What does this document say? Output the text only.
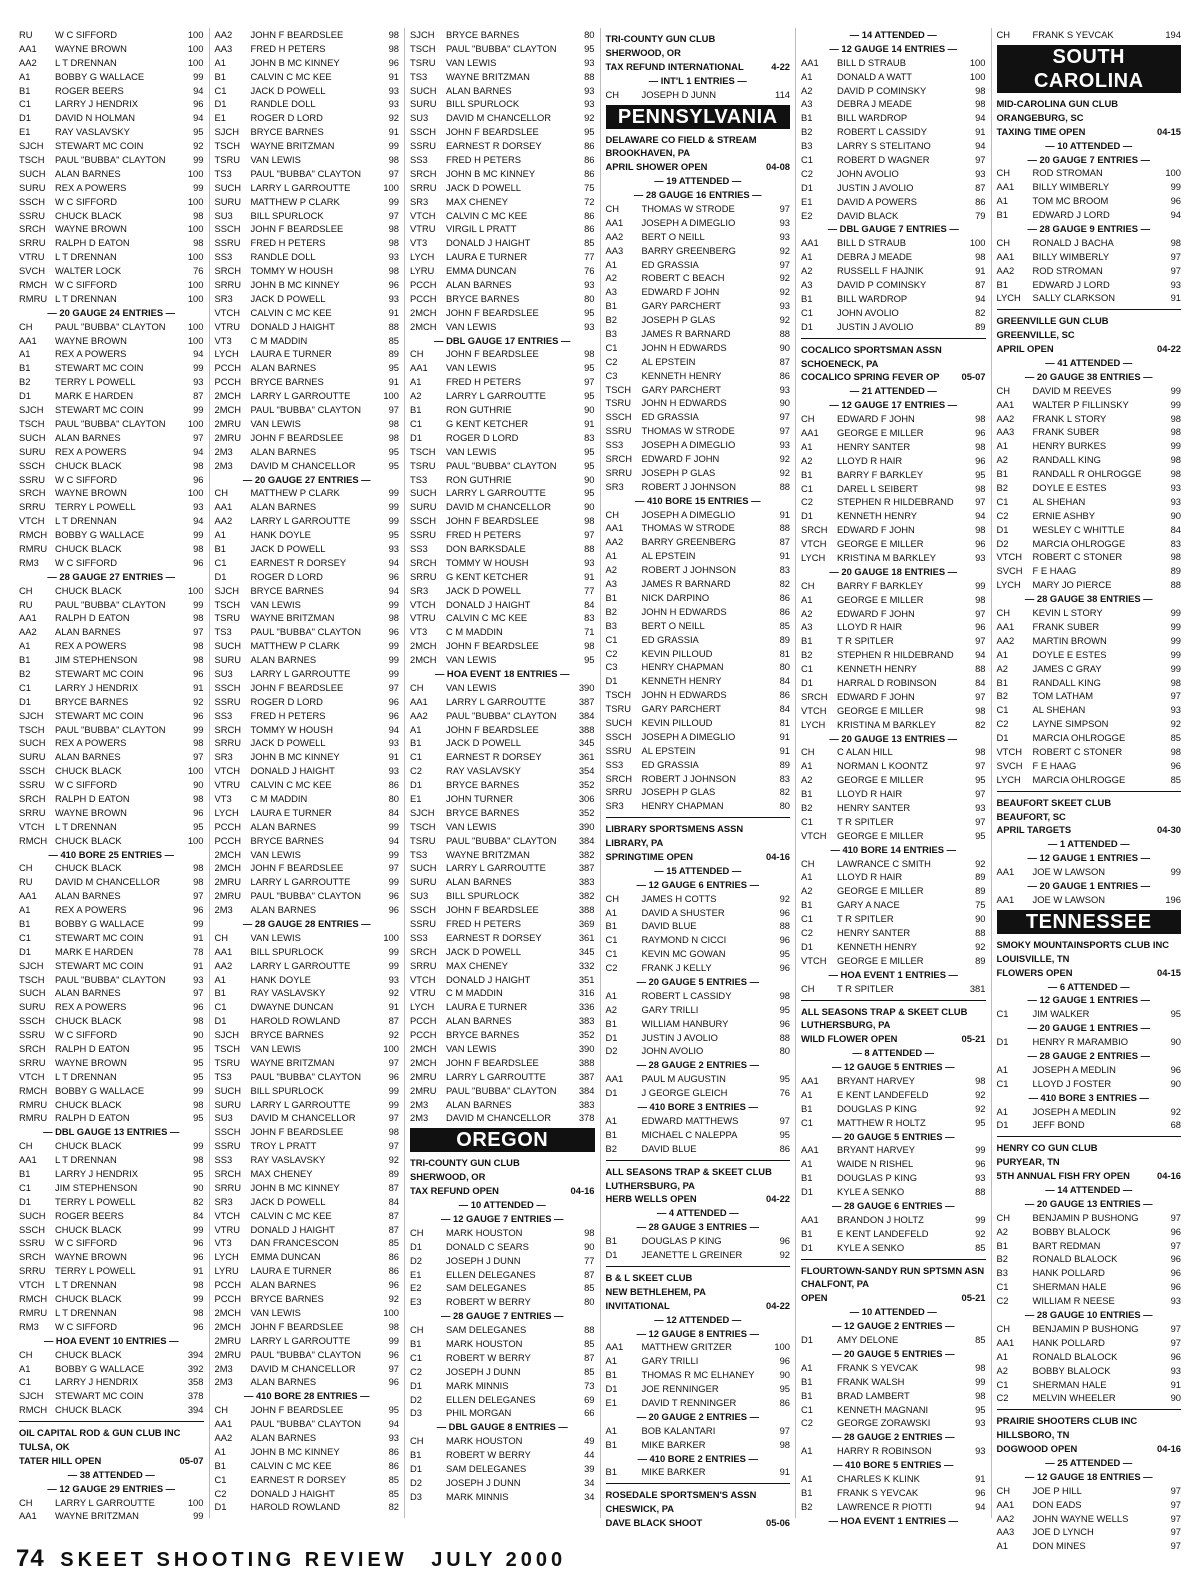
RU	W C SIFFORD	100
AA1	WAYNE BROWN	100
AA2	L T DRENNAN	100
A1	BOBBY G WALLACE	99
B1	ROGER BEERS	94
C1	LARRY J HENDRIX	96
D1	DAVID N HOLMAN	94
E1	RAY VASLAVSKY	95
SJCH	STEWART MC COIN	92
TSCH	PAUL "BUBBA" CLAYTON	99
SUCH	ALAN BARNES	100
SURU	REX A POWERS	99
SSCH	W C SIFFORD	100
SSRU	CHUCK BLACK	98
SRCH	WAYNE BROWN	100
SRRU	RALPH D EATON	98
VTRU	L T DRENNAN	100
SVCH	WALTER LOCK	76
RMCH W C SIFFORD	100
RMRU L T DRENNAN	100
— 20 GAUGE 24 ENTRIES —
CH	PAUL "BUBBA" CLAYTON	100
AA1	WAYNE BROWN	100
A1	REX A POWERS	94
B1	STEWART MC COIN	99
B2	TERRY L POWELL	93
D1	MARK E HARDEN	87
SJCH	STEWART MC COIN	99
TSCH	PAUL "BUBBA" CLAYTON	100
SUCH	ALAN BARNES	97
SURU	REX A POWERS	94
SSCH	CHUCK BLACK	98
SSRU	W C SIFFORD	96
SRCH	WAYNE BROWN	100
SRRU	TERRY L POWELL	93
VTCH	L T DRENNAN	94
RMCH BOBBY G WALLACE	99
RMRU CHUCK BLACK	98
RM3	W C SIFFORD	96
— 28 GAUGE 27 ENTRIES —
CH	CHUCK BLACK	100
RU	PAUL "BUBBA" CLAYTON	99
AA1	RALPH D EATON	98
AA2	ALAN BARNES	97
A1	REX A POWERS	98
B1	JIM STEPHENSON	98
B2	STEWART MC COIN	96
C1	LARRY J HENDRIX	91
D1	BRYCE BARNES	92
SJCH	STEWART MC COIN	96
TSCH	PAUL "BUBBA" CLAYTON	99
SUCH	REX A POWERS	98
SURU	ALAN BARNES	97
SSCH	CHUCK BLACK	100
SSRU	W C SIFFORD	90
SRCH	RALPH D EATON	98
SRRU	WAYNE BROWN	96
VTCH	L T DRENNAN	95
RMCH CHUCK BLACK	100
— 410 BORE 25 ENTRIES —
CH	CHUCK BLACK	98
RU	DAVID M CHANCELLOR	98
AA1	ALAN BARNES	97
A1	REX A POWERS	96
B1	BOBBY G WALLACE	99
C1	STEWART MC COIN	91
D1	MARK E HARDEN	78
SJCH	STEWART MC COIN	91
TSCH	PAUL "BUBBA" CLAYTON	93
SUCH	ALAN BARNES	97
SURU	REX A POWERS	96
SSCH	CHUCK BLACK	98
SSRU	W C SIFFORD	90
SRCH	RALPH D EATON	95
SRRU	WAYNE BROWN	95
VTCH	L T DRENNAN	95
RMCH BOBBY G WALLACE	99
RMRU CHUCK BLACK	98
RMRU RALPH D EATON	95
— DBL GAUGE 13 ENTRIES —
CH	CHUCK BLACK	99
AA1	L T DRENNAN	98
B1	LARRY J HENDRIX	95
C1	JIM STEPHENSON	90
D1	TERRY L POWELL	82
SUCH	ROGER BEERS	84
SSCH	CHUCK BLACK	99
SSRU	W C SIFFORD	96
SRCH	WAYNE BROWN	96
SRRU	TERRY L POWELL	91
VTCH	L T DRENNAN	98
RMCH CHUCK BLACK	99
RMRU L T DRENNAN	98
RM3	W C SIFFORD	96
— HOA EVENT 10 ENTRIES —
CH	CHUCK BLACK	394
A1	BOBBY G WALLACE	392
C1	LARRY J HENDRIX	358
SJCH	STEWART MC COIN	378
RMCH CHUCK BLACK	394
OIL CAPITAL ROD & GUN CLUB INC
TULSA, OK
TATER HILL OPEN	05-07
— 38 ATTENDED —
— 12 GAUGE 29 ENTRIES —
CH	LARRY L GARROUTTE	100
AA1	WAYNE BRITZMAN	99
AA2	JOHN F BEARDSLEE	98
AA3	FRED H PETERS	98
A1	JOHN B MC KINNEY	96
B1	CALVIN C MC KEE	91
C1	JACK D POWELL	93
D1	RANDLE DOLL	93
E1	ROGER D LORD	92
SJCH	BRYCE BARNES	91
TSCH	WAYNE BRITZMAN	99
TSRU	VAN LEWIS	98
TS3	PAUL "BUBBA" CLAYTON	97
SUCH	LARRY L GARROUTTE	100
SURU	MATTHEW P CLARK	99
SU3	BILL SPURLOCK	97
SSCH	JOHN F BEARDSLEE	98
SSRU	FRED H PETERS	98
SS3	RANDLE DOLL	93
SRCH	TOMMY W HOUSH	98
SRRU	JOHN B MC KINNEY	96
SR3	JACK D POWELL	93
VTCH	CALVIN C MC KEE	91
VTRU	DONALD J HAIGHT	88
VT3	C M MADDIN	85
LYCH	LAURA E TURNER	89
PCCH	ALAN BARNES	95
PCCH	BRYCE BARNES	91
2MCH	LARRY L GARROUTTE	100
2MCH	PAUL "BUBBA" CLAYTON	97
2MRU	VAN LEWIS	98
2MRU	JOHN F BEARDSLEE	98
2M3	ALAN BARNES	95
2M3	DAVID M CHANCELLOR	95
— 20 GAUGE 27 ENTRIES —
CH	MATTHEW P CLARK	99
AA1	ALAN BARNES	99
AA2	LARRY L GARROUTTE	99
A1	HANK DOYLE	95
B1	JACK D POWELL	93
C1	EARNEST R DORSEY	94
D1	ROGER D LORD	96
SJCH	BRYCE BARNES	94
TSCH	VAN LEWIS	99
TSRU	WAYNE BRITZMAN	98
TS3	PAUL "BUBBA" CLAYTON	96
SUCH	MATTHEW P CLARK	99
SURU	ALAN BARNES	99
SU3	LARRY L GARROUTTE	99
SSCH	JOHN F BEARDSLEE	97
SSRU	ROGER D LORD	96
SS3	FRED H PETERS	96
SRCH	TOMMY W HOUSH	94
SRRU	JACK D POWELL	93
SR3	JOHN B MC KINNEY	91
VTCH	DONALD J HAIGHT	93
VTRU	CALVIN C MC KEE	86
VT3	C M MADDIN	80
LYCH	LAURA E TURNER	84
PCCH	ALAN BARNES	99
PCCH	BRYCE BARNES	94
2MCH	VAN LEWIS	99
2MCH	JOHN F BEARDSLEE	97
2MRU	LARRY L GARROUTTE	99
2MRU	PAUL "BUBBA" CLAYTON	96
2M3	ALAN BARNES	96
— 28 GAUGE 28 ENTRIES —
CH	VAN LEWIS	100
AA1	BILL SPURLOCK	99
AA2	LARRY L GARROUTTE	99
A1	HANK DOYLE	93
B1	RAY VASLAVSKY	92
C1	DWAYNE DUNCAN	91
D1	HAROLD ROWLAND	87
SJCH	BRYCE BARNES	92
TSCH	VAN LEWIS	100
TSRU	WAYNE BRITZMAN	97
TS3	PAUL "BUBBA" CLAYTON	96
SUCH	BILL SPURLOCK	99
SURU	LARRY L GARROUTTE	99
SU3	DAVID M CHANCELLOR	97
SSCH	JOHN F BEARDSLEE	98
SSRU	TROY L PRATT	97
SS3	RAY VASLAVSKY	92
SRCH	MAX CHENEY	89
SRRU	JOHN B MC KINNEY	87
SR3	JACK D POWELL	84
VTCH	CALVIN C MC KEE	87
VTRU	DONALD J HAIGHT	87
VT3	DAN FRANCESCON	85
LYCH	EMMA DUNCAN	86
LYRU	LAURA E TURNER	86
PCCH	ALAN BARNES	96
PCCH	BRYCE BARNES	92
2MCH	VAN LEWIS	100
2MCH	JOHN F BEARDSLEE	98
2MRU	LARRY L GARROUTTE	99
2MRU	PAUL "BUBBA" CLAYTON	96
2M3	DAVID M CHANCELLOR	97
2M3	ALAN BARNES	96
— 410 BORE 28 ENTRIES —
CH	JOHN F BEARDSLEE	95
AA1	PAUL "BUBBA" CLAYTON	94
AA2	ALAN BARNES	93
A1	JOHN B MC KINNEY	86
B1	CALVIN C MC KEE	86
C1	EARNEST R DORSEY	85
C2	DONALD J HAIGHT	85
D1	HAROLD ROWLAND	82
SJCH	BRYCE BARNES	80
TSCH	PAUL "BUBBA" CLAYTON	95
TSRU	VAN LEWIS	93
TS3	WAYNE BRITZMAN	88
SUCH	ALAN BARNES	93
SURU	BILL SPURLOCK	93
SU3	DAVID M CHANCELLOR	92
SSCH	JOHN F BEARDSLEE	95
SSRU	EARNEST R DORSEY	86
SS3	FRED H PETERS	86
SRCH	JOHN B MC KINNEY	86
SRRU	JACK D POWELL	75
SR3	MAX CHENEY	72
VTCH	CALVIN C MC KEE	86
VTRU	VIRGIL L PRATT	86
VT3	DONALD J HAIGHT	85
LYCH	LAURA E TURNER	77
LYRU	EMMA DUNCAN	76
PCCH	ALAN BARNES	93
PCCH	BRYCE BARNES	80
2MCH	JOHN F BEARDSLEE	95
2MCH	VAN LEWIS	93
— DBL GAUGE 17 ENTRIES —
CH	JOHN F BEARDSLEE	98
AA1	VAN LEWIS	95
A1	FRED H PETERS	97
A2	LARRY L GARROUTTE	95
B1	RON GUTHRIE	90
C1	G KENT KETCHER	91
D1	ROGER D LORD	83
TSCH	VAN LEWIS	95
TSRU	PAUL "BUBBA" CLAYTON	95
TS3	RON GUTHRIE	90
SUCH	LARRY L GARROUTTE	95
SURU	DAVID M CHANCELLOR	90
SSCH	JOHN F BEARDSLEE	98
SSRU	FRED H PETERS	97
SS3	DON BARKSDALE	88
SRCH	TOMMY W HOUSH	93
SRRU	G KENT KETCHER	91
SR3	JACK D POWELL	77
VTCH	DONALD J HAIGHT	84
VTRU	CALVIN C MC KEE	83
VT3	C M MADDIN	71
2MCH	JOHN F BEARDSLEE	98
2MCH	VAN LEWIS	95
— HOA EVENT 18 ENTRIES —
CH	VAN LEWIS	390
AA1	LARRY L GARROUTTE	387
AA2	PAUL "BUBBA" CLAYTON	384
A1	JOHN F BEARDSLEE	388
B1	JACK D POWELL	345
C1	EARNEST R DORSEY	361
C2	RAY VASLAVSKY	354
D1	BRYCE BARNES	352
E1	JOHN TURNER	306
SJCH	BRYCE BARNES	352
TSCH	VAN LEWIS	390
TSRU	PAUL "BUBBA" CLAYTON	384
TS3	WAYNE BRITZMAN	382
SUCH	LARRY L GARROUTTE	387
SURU	ALAN BARNES	383
SU3	BILL SPURLOCK	382
SSCH	JOHN F BEARDSLEE	388
SSRU	FRED H PETERS	369
SS3	EARNEST R DORSEY	361
SRCH	JACK D POWELL	345
SRRU	MAX CHENEY	332
VTCH	DONALD J HAIGHT	351
VTRU	C M MADDIN	316
LYCH	LAURA E TURNER	336
PCCH	ALAN BARNES	383
PCCH	BRYCE BARNES	352
2MCH	VAN LEWIS	390
2MCH	JOHN F BEARDSLEE	388
2MRU	LARRY L GARROUTTE	387
2MRU	PAUL "BUBBA" CLAYTON	384
2M3	ALAN BARNES	383
2M3	DAVID M CHANCELLOR	378
OREGON
TRI-COUNTY GUN CLUB
SHERWOOD, OR
TAX REFUND OPEN	04-16
— 10 ATTENDED —
— 12 GAUGE 7 ENTRIES —
CH	MARK HOUSTON	98
D1	DONALD C SEARS	90
D2	JOSEPH J DUNN	77
E1	ELLEN DELEGANES	87
E2	SAM DELEGANES	85
E3	ROBERT W BERRY	80
— 28 GAUGE 7 ENTRIES —
CH	SAM DELEGANES	88
B1	MARK HOUSTON	85
C1	ROBERT W BERRY	87
C2	JOSEPH J DUNN	85
D1	MARK MINNIS	73
D2	ELLEN DELEGANES	69
D3	PHIL MORGAN	66
— DBL GAUGE 8 ENTRIES —
CH	MARK HOUSTON	49
B1	ROBERT W BERRY	44
D1	SAM DELEGANES	39
D2	JOSEPH J DUNN	34
D3	MARK MINNIS	34
TRI-COUNTY GUN CLUB
SHERWOOD, OR
TAX REFUND INTERNATIONAL	4-22
— INT'L 1 ENTRIES —
CH	JOSEPH D JUNN	114
PENNSYLVANIA
DELAWARE CO FIELD & STREAM
BROOKHAVEN, PA
APRIL SHOWER OPEN	04-08
— 19 ATTENDED —
— 28 GAUGE 16 ENTRIES —
CH	THOMAS W STRODE	97
AA1	JOSEPH A DIMEGLIO	93
AA2	BERT O NEILL	93
AA3	BARRY GREENBERG	92
A1	ED GRASSIA	97
A2	ROBERT C BEACH	92
A3	EDWARD F JOHN	92
B1	GARY PARCHERT	93
B2	JOSEPH P GLAS	92
B3	JAMES R BARNARD	88
C1	JOHN H EDWARDS	90
C2	AL EPSTEIN	87
C3	KENNETH HENRY	86
TSCH	GARY PARCHERT	93
TSRU	JOHN H EDWARDS	90
SSCH	ED GRASSIA	97
SSRU	THOMAS W STRODE	97
SS3	JOSEPH A DIMEGLIO	93
SRCH	EDWARD F JOHN	92
SRRU	JOSEPH P GLAS	92
SR3	ROBERT J JOHNSON	88
— 410 BORE 15 ENTRIES —
CH	JOSEPH A DIMEGLIO	91
AA1	THOMAS W STRODE	88
AA2	BARRY GREENBERG	87
A1	AL EPSTEIN	91
A2	ROBERT J JOHNSON	83
A3	JAMES R BARNARD	82
B1	NICK DARPINO	86
B2	JOHN H EDWARDS	86
B3	BERT O NEILL	85
C1	ED GRASSIA	89
C2	KEVIN PILLOUD	81
C3	HENRY CHAPMAN	80
D1	KENNETH HENRY	84
TSCH	JOHN H EDWARDS	86
TSRU	GARY PARCHERT	84
SUCH	KEVIN PILLOUD	81
SSCH	JOSEPH A DIMEGLIO	91
SSRU	AL EPSTEIN	91
SS3	ED GRASSIA	89
SRCH	ROBERT J JOHNSON	83
SRRU	JOSEPH P GLAS	82
SR3	HENRY CHAPMAN	80
LIBRARY SPORTSMENS ASSN
LIBRARY, PA
SPRINGTIME OPEN	04-16
— 15 ATTENDED —
— 12 GAUGE 6 ENTRIES —
CH	JAMES H COTTS	92
A1	DAVID A SHUSTER	96
B1	DAVID BLUE	88
C1	RAYMOND N CICCI	96
C1	KEVIN MC GOWAN	95
C2	FRANK J KELLY	96
— 20 GAUGE 5 ENTRIES —
A1	ROBERT L CASSIDY	98
A2	GARY TRILLI	95
B1	WILLIAM HANBURY	96
D1	JUSTIN J AVOLIO	88
D2	JOHN AVOLIO	80
— 28 GAUGE 2 ENTRIES —
AA1	PAUL M AUGUSTIN	95
D1	J GEORGE GLEICH	76
— 410 BORE 3 ENTRIES —
A1	EDWARD MATTHEWS	97
B1	MICHAEL C NALEPPA	95
B2	DAVID BLUE	86
ALL SEASONS TRAP & SKEET CLUB
LUTHERSBURG, PA
HERB WELLS OPEN	04-22
— 4 ATTENDED —
— 28 GAUGE 3 ENTRIES —
B1	DOUGLAS P KING	96
D1	JEANETTE L GREINER	92
B & L SKEET CLUB
NEW BETHLEHEM, PA
INVITATIONAL	04-22
— 12 ATTENDED —
— 12 GAUGE 8 ENTRIES —
AA1	MATTHEW GRITZER	100
A1	GARY TRILLI	96
B1	THOMAS R MC ELHANEY	90
D1	JOE RENNINGER	95
E1	DAVID T RENNINGER	86
— 20 GAUGE 2 ENTRIES —
A1	BOB KALANTARI	97
B1	MIKE BARKER	98
— 410 BORE 2 ENTRIES —
B1	MIKE BARKER	91
ROSEDALE SPORTSMEN'S ASSN
CHESWICK, PA
DAVE BLACK SHOOT	05-06
— 14 ATTENDED —
— 12 GAUGE 14 ENTRIES —
AA1	BILL D STRAUB	100
A1	DONALD A WATT	100
A2	DAVID P COMINSKY	98
A3	DEBRA J MEADE	98
B1	BILL WARDROP	94
B2	ROBERT L CASSIDY	91
B3	LARRY S STELITANO	94
C1	ROBERT D WAGNER	97
C2	JOHN AVOLIO	93
D1	JUSTIN J AVOLIO	87
E1	DAVID A POWERS	86
E2	DAVID BLACK	79
— DBL GAUGE 7 ENTRIES —
AA1	BILL D STRAUB	100
A1	DEBRA J MEADE	98
A2	RUSSELL F HAJNIK	91
A3	DAVID P COMINSKY	87
B1	BILL WARDROP	94
C1	JOHN AVOLIO	82
D1	JUSTIN J AVOLIO	89
COCALICO SPORTSMAN ASSN
SCHOENECK, PA
COCALICO SPRING FEVER OP 05-07
— 21 ATTENDED —
— 12 GAUGE 17 ENTRIES —
CH	EDWARD F JOHN	98
AA1	GEORGE E MILLER	96
A1	HENRY SANTER	98
A2	LLOYD R HAIR	96
B1	BARRY F BARKLEY	95
C1	DAREL L SEIBERT	98
C2	STEPHEN R HILDEBRAND	97
D1	KENNETH HENRY	94
SRCH	EDWARD F JOHN	98
VTCH	GEORGE E MILLER	96
LYCH	KRISTINA M BARKLEY	93
— 20 GAUGE 18 ENTRIES —
CH	BARRY F BARKLEY	99
A1	GEORGE E MILLER	98
A2	EDWARD F JOHN	97
A3	LLOYD R HAIR	96
B1	T R SPITLER	97
B2	STEPHEN R HILDEBRAND	94
C1	KENNETH HENRY	88
D1	HARRAL D ROBINSON	84
SRCH	EDWARD F JOHN	97
VTCH	GEORGE E MILLER	98
LYCH	KRISTINA M BARKLEY	82
— 20 GAUGE 13 ENTRIES —
CH	C ALAN HILL	98
A1	NORMAN L KOONTZ	97
A2	GEORGE E MILLER	95
B1	LLOYD R HAIR	97
B2	HENRY SANTER	93
C1	T R SPITLER	97
VTCH	GEORGE E MILLER	95
— 410 BORE 14 ENTRIES —
CH	LAWRANCE C SMITH	92
A1	LLOYD R HAIR	89
A2	GEORGE E MILLER	89
B1	GARY A NACE	75
C1	T R SPITLER	90
C2	HENRY SANTER	88
D1	KENNETH HENRY	92
VTCH	GEORGE E MILLER	89
— HOA EVENT 1 ENTRIES —
CH	T R SPITLER	381
ALL SEASONS TRAP & SKEET CLUB
LUTHERSBURG, PA
WILD FLOWER OPEN	05-21
— 8 ATTENDED —
— 12 GAUGE 5 ENTRIES —
AA1	BRYANT HARVEY	98
A1	E KENT LANDEFELD	92
B1	DOUGLAS P KING	92
C1	MATTHEW R HOLTZ	95
— 20 GAUGE 5 ENTRIES —
AA1	BRYANT HARVEY	99
A1	WAIDE N RISHEL	96
B1	DOUGLAS P KING	93
D1	KYLE A SENKO	88
— 28 GAUGE 6 ENTRIES —
AA1	BRANDON J HOLTZ	99
B1	E KENT LANDEFELD	92
D1	KYLE A SENKO	85
FLOURTOWN-SANDY RUN SPTSMN ASN
CHALFONT, PA
OPEN	05-21
— 10 ATTENDED —
— 12 GAUGE 2 ENTRIES —
D1	AMY DELONE	85
— 20 GAUGE 5 ENTRIES —
A1	FRANK S YEVCAK	98
B1	FRANK WALSH	99
B1	BRAD LAMBERT	98
C1	KENNETH MAGNANI	95
C2	GEORGE ZORAWSKI	93
— 28 GAUGE 2 ENTRIES —
A1	HARRY R ROBINSON	93
— 410 BORE 5 ENTRIES —
A1	CHARLES K KLINK	91
B1	FRANK S YEVCAK	96
B2	LAWRENCE R PIOTTI	94
— HOA EVENT 1 ENTRIES —
CH	FRANK S YEVCAK	194
SOUTH CAROLINA
MID-CAROLINA GUN CLUB
ORANGEBURG, SC
TAXING TIME OPEN	04-15
— 10 ATTENDED —
— 20 GAUGE 7 ENTRIES —
CH	ROD STROMAN	100
AA1	BILLY WIMBERLY	99
A1	TOM MC BROOM	96
B1	EDWARD J LORD	94
— 28 GAUGE 9 ENTRIES —
CH	RONALD J BACHA	98
AA1	BILLY WIMBERLY	97
AA2	ROD STROMAN	97
B1	EDWARD J LORD	93
LYCH	SALLY CLARKSON	91
GREENVILLE GUN CLUB
GREENVILLE, SC
APRIL OPEN	04-22
— 41 ATTENDED —
— 20 GAUGE 38 ENTRIES —
CH	DAVID M REEVES	99
AA1	WALTER P FILLINSKY	99
AA2	FRANK L STORY	98
AA3	FRANK SUBER	98
A1	HENRY BURKES	99
A2	RANDALL KING	98
B1	RANDALL R OHLROGGE	98
B2	DOYLE E ESTES	93
C1	AL SHEHAN	93
C2	ERNIE ASHBY	90
D1	WESLEY C WHITTLE	84
D2	MARCIA OHLROGGE	83
VTCH	ROBERT C STONER	98
SVCH	F E HAAG	89
LYCH	MARY JO PIERCE	88
— 28 GAUGE 38 ENTRIES —
CH	KEVIN L STORY	99
AA1	FRANK SUBER	99
AA2	MARTIN BROWN	99
A1	DOYLE E ESTES	99
A2	JAMES C GRAY	99
B1	RANDALL KING	98
B2	TOM LATHAM	97
C1	AL SHEHAN	93
C2	LAYNE SIMPSON	92
D1	MARCIA OHLROGGE	85
VTCH	ROBERT C STONER	98
SVCH	F E HAAG	96
LYCH	MARCIA OHLROGGE	85
BEAUFORT SKEET CLUB
BEAUFORT, SC
APRIL TARGETS	04-30
— 1 ATTENDED —
— 12 GAUGE 1 ENTRIES —
AA1	JOE W LAWSON	99
— 20 GAUGE 1 ENTRIES —
AA1	JOE W LAWSON	196
TENNESSEE
SMOKY MOUNTAINSPORTS CLUB INC
LOUISVILLE, TN
FLOWERS OPEN	04-15
— 6 ATTENDED —
— 12 GAUGE 1 ENTRIES —
C1	JIM WALKER	95
— 20 GAUGE 1 ENTRIES —
D1	HENRY R MARAMBIO	90
— 28 GAUGE 2 ENTRIES —
A1	JOSEPH A MEDLIN	96
C1	LLOYD J FOSTER	90
— 410 BORE 3 ENTRIES —
A1	JOSEPH A MEDLIN	92
D1	JEFF BOND	68
HENRY CO GUN CLUB
PURYEAR, TN
5TH ANNUAL FISH FRY OPEN	04-16
— 14 ATTENDED —
— 20 GAUGE 13 ENTRIES —
CH	BENJAMIN P BUSHONG	97
A2	BOBBY BLALOCK	96
B1	BART REDMAN	97
B2	RONALD BLALOCK	96
B3	HANK POLLARD	96
C1	SHERMAN HALE	96
C2	WILLIAM R NEESE	93
— 28 GAUGE 10 ENTRIES —
CH	BENJAMIN P BUSHONG	97
AA1	HANK POLLARD	97
A1	RONALD BLALOCK	96
A2	BOBBY BLALOCK	93
C1	SHERMAN HALE	91
C2	MELVIN WHEELER	90
PRAIRIE SHOOTERS CLUB INC
HILLSBORO, TN
DOGWOOD OPEN	04-16
— 25 ATTENDED —
— 12 GAUGE 18 ENTRIES —
CH	JOE P HILL	97
AA1	DON EADS	97
AA2	JOHN WAYNE WELLS	97
AA3	JOE D LYNCH	97
A1	DON MINES	97
74 SKEET SHOOTING REVIEW JULY 2000
